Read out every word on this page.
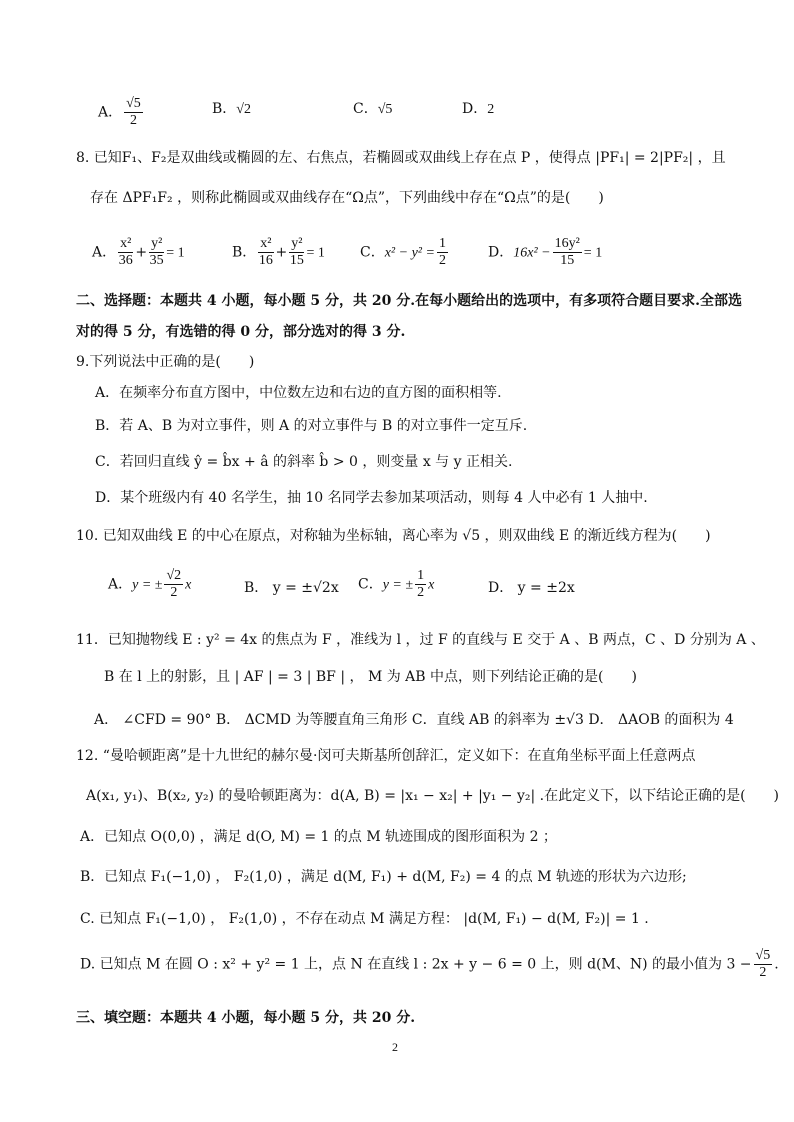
A． $\frac{√5}{2}$	B．√2	C．√5	D．2
8. 已知F₁、F₂是双曲线或椭圆的左、右焦点，若椭圆或双曲线上存在点 P ，使得点 |PF₁| = 2|PF₂| ，且
存在 ΔPF₁F₂ ，则称此椭圆或双曲线存在“Ω点”，下列曲线中存在“Ω点”的是(　　)
A． $\frac{\text{x²}}{36} + \frac{\text{y²}}{35} = 1$	B． $\frac{\text{x²}}{16} + \frac{\text{y²}}{15} = 1$	C．$x^2 - y^2 = \frac{1}{2}$	D．$16x^2 - \frac{\text{16y²}}{15} = 1$
二、选择题：本题共 4 小题，每小题 5 分，共 20 分.在每小题给出的选项中，有多项符合题目要求.全部选
对的得 5 分，有选错的得 0 分，部分选对的得 3 分.
9.下列说法中正确的是(　　)
A．在频率分布直方图中，中位数左边和右边的直方图的面积相等.
B．若 A、B 为对立事件，则 A 的对立事件与 B 的对立事件一定互斥.
C．若回归直线 ŷ = b̂x + â 的斜率 b̂ > 0 ，则变量 x 与 y 正相关.
D．某个班级内有 40 名学生，抽 10 名同学去参加某项活动，则每 4 人中必有 1 人抽中.
10. 已知双曲线 E 的中心在原点，对称轴为坐标轴，离心率为 √5 ，则双曲线 E 的渐近线方程为(　　)
A．y = ± $\frac{√2}{2}$ x	B． y = ±√2x C．y = ± $\frac{1}{2}$ x	D． y = ±2x
11．已知抛物线 E : y² = 4x 的焦点为 F ，准线为 l ，过 F 的直线与 E 交于 A 、B 两点，C 、D 分别为 A 、
B 在 l 上的射影，且 | AF | = 3 | BF | ， M 为 AB 中点，则下列结论正确的是(　　)
A． ∠CFD = 90° B． ΔCMD 为等腰直角三角形 C．直线 AB 的斜率为 ±√3 D． ΔAOB 的面积为 4
12. “曼哈顿距离”是十九世纪的赫尔曼·闵可夫斯基所创辞汇，定义如下：在直角坐标平面上任意两点
A(x₁, y₁)、B(x₂, y₂) 的曼哈顿距离为：d(A, B) = |x₁ − x₂| + |y₁ − y₂| .在此定义下，以下结论正确的是(　　)
A．已知点 O(0,0) ，满足 d(O, M) = 1 的点 M 轨迹围成的图形面积为 2 ；
B．已知点 F₁(−1,0) ， F₂(1,0) ，满足 d(M, F₁) + d(M, F₂) = 4 的点 M 轨迹的形状为六边形;
C. 已知点 F₁(−1,0) ， F₂(1,0) ，不存在动点 M 满足方程： |d(M, F₁) − d(M, F₂)| = 1 .
D. 已知点 M 在圆 O : x² + y² = 1 上，点 N 在直线 l : 2x + y − 6 = 0 上，则 d(M、N) 的最小值为 $3 - \frac{√5}{2}$ .
三、填空题：本题共 4 小题，每小题 5 分，共 20 分.
2
